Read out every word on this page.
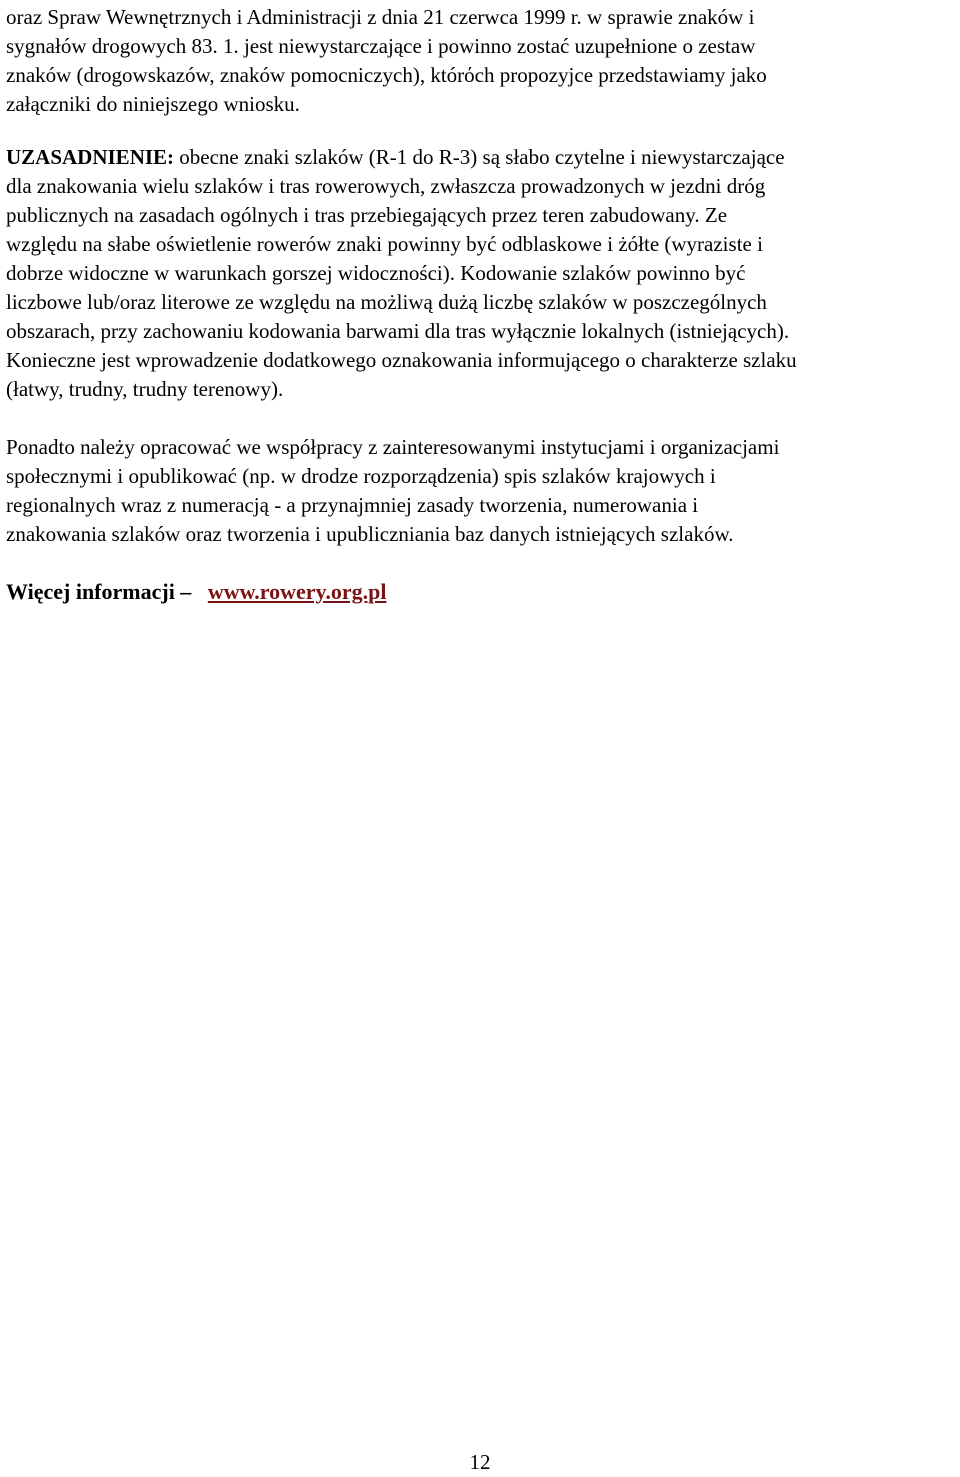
oraz Spraw Wewnętrznych i Administracji z dnia 21 czerwca 1999 r. w sprawie znaków i
sygnałów drogowych 83. 1. jest niewystarczające i powinno zostać uzupełnione o zestaw
znaków (drogowskazów, znaków pomocniczych), którόch propozyjce przedstawiamy jako
załączniki do niniejszego wniosku.

UZASADNIENIE: obecne znaki szlaków (R-1 do R-3) są słabo czytelne i niewystarczające
dla znakowania wielu szlaków i tras rowerowych, zwłaszcza prowadzonych w jezdni dróg
publicznych na zasadach ogólnych i tras przebiegających przez teren zabudowany. Ze
względu na słabe oświetlenie rowerów znaki powinny być odblaskowe i żółte (wyraziste i
dobrze widoczne w warunkach gorszej widoczności). Kodowanie szlaków powinno być
liczbowe lub/oraz literowe ze względu na możliwą dużą liczbę szlaków w poszczególnych
obszarach, przy zachowaniu kodowania barwami dla tras wyłącznie lokalnych (istniejących).
Konieczne jest wprowadzenie dodatkowego oznakowania informującego o charakterze szlaku
(łatwy, trudny, trudny terenowy).

Ponadto należy opracować we współpracy z zainteresowanymi instytucjami i organizacjami
społecznymi i opublikować (np. w drodze rozporządzenia) spis szlaków krajowych i
regionalnych wraz z numeracją - a przynajmniej zasady tworzenia, numerowania i
znakowania szlaków oraz tworzenia i upubliczniania baz danych istniejących szlaków.

Więcej informacji – www.rowery.org.pl

12
